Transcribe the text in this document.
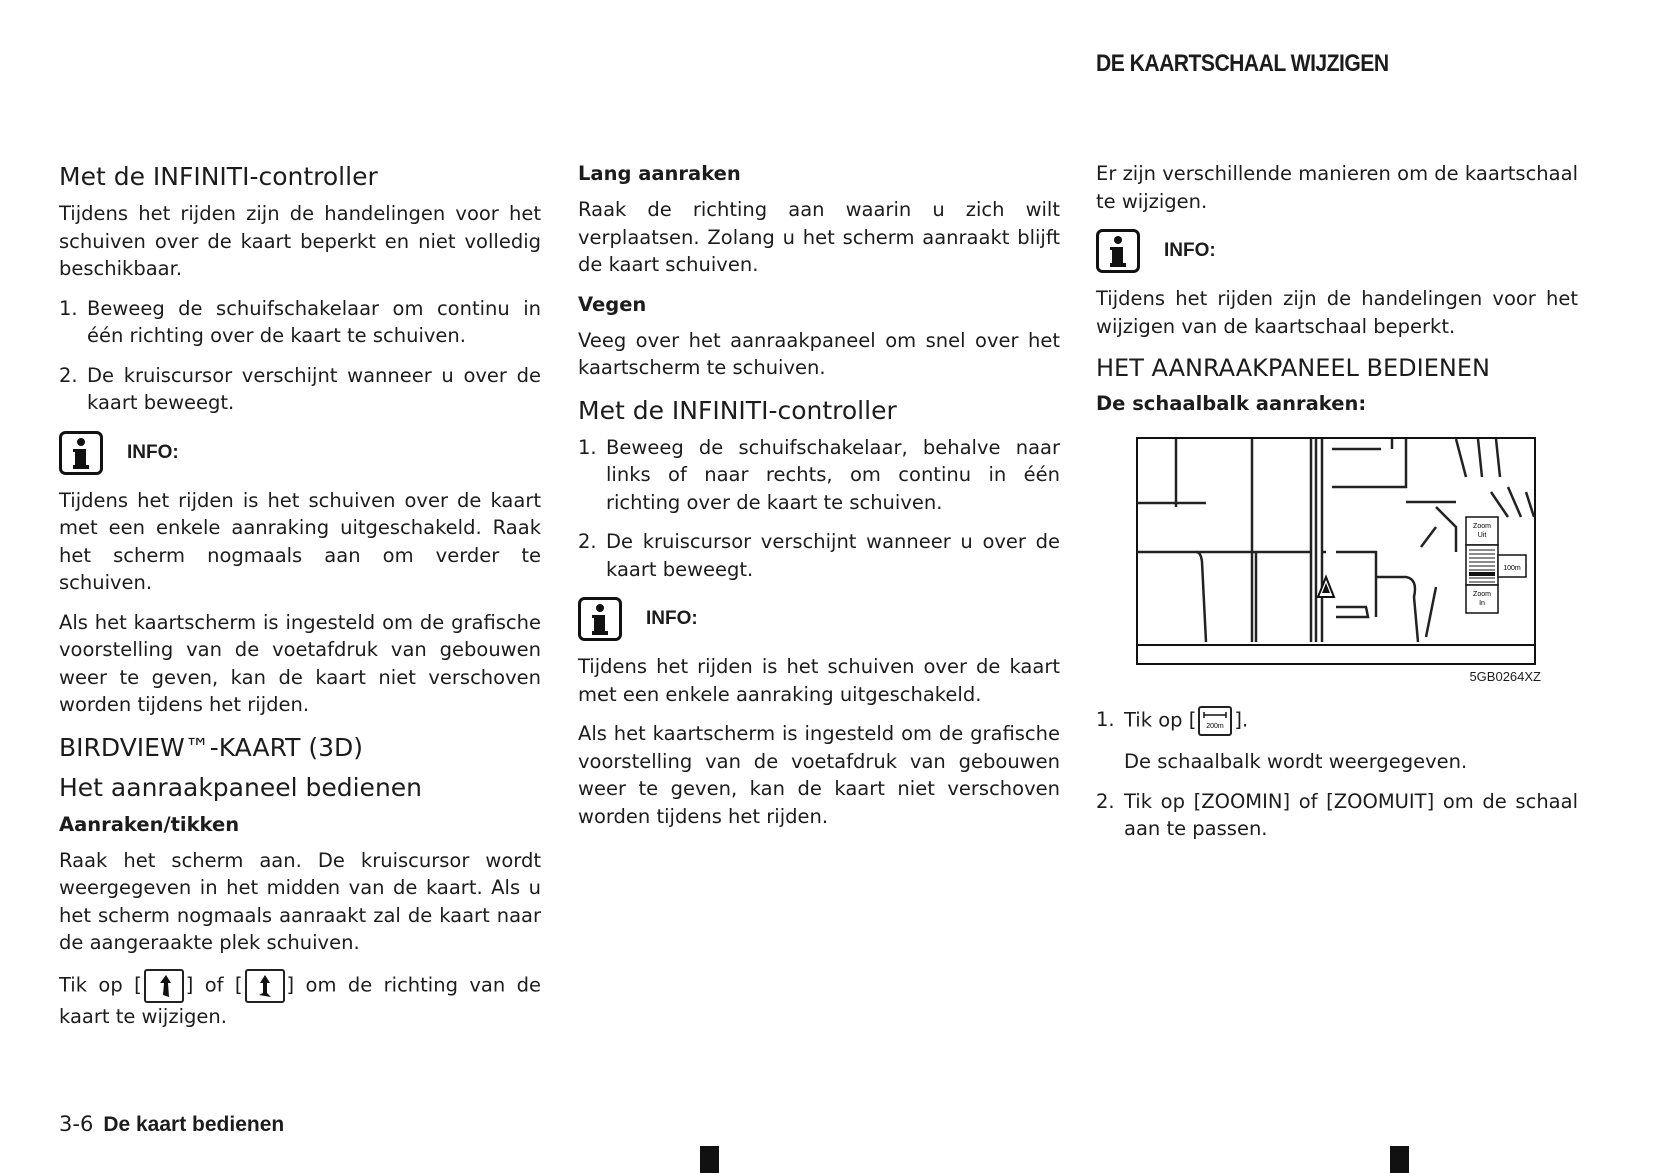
DE KAARTSCHAAL WIJZIGEN
Met de INFINITI-controller
Tijdens het rijden zijn de handelingen voor het schuiven over de kaart beperkt en niet volledig beschikbaar.
1. Beweeg de schuifschakelaar om continu in één richting over de kaart te schuiven.
2. De kruiscursor verschijnt wanneer u over de kaart beweegt.
INFO:
Tijdens het rijden is het schuiven over de kaart met een enkele aanraking uitgeschakeld. Raak het scherm nogmaals aan om verder te schuiven.
Als het kaartscherm is ingesteld om de grafische voorstelling van de voetafdruk van gebouwen weer te geven, kan de kaart niet verschoven worden tijdens het rijden.
BIRDVIEW™-KAART (3D)
Het aanraakpaneel bedienen
Aanraken/tikken
Raak het scherm aan. De kruiscursor wordt weergegeven in het midden van de kaart. Als u het scherm nogmaals aanraakt zal de kaart naar de aangeraakte plek schuiven.
Tik op [ ] of [ ] om de richting van de kaart te wijzigen.
Lang aanraken
Raak de richting aan waarin u zich wilt verplaatsen. Zolang u het scherm aanraakt blijft de kaart schuiven.
Vegen
Veeg over het aanraakpaneel om snel over het kaartscherm te schuiven.
Met de INFINITI-controller
1. Beweeg de schuifschakelaar, behalve naar links of naar rechts, om continu in één richting over de kaart te schuiven.
2. De kruiscursor verschijnt wanneer u over de kaart beweegt.
INFO:
Tijdens het rijden is het schuiven over de kaart met een enkele aanraking uitgeschakeld.
Als het kaartscherm is ingesteld om de grafische voorstelling van de voetafdruk van gebouwen weer te geven, kan de kaart niet verschoven worden tijdens het rijden.
Er zijn verschillende manieren om de kaartschaal te wijzigen.
INFO:
Tijdens het rijden zijn de handelingen voor het wijzigen van de kaartschaal beperkt.
HET AANRAAKPANEEL BEDIENEN
De schaalbalk aanraken:
Zoom
Uit
100m
Zoom
In
5GB0264XZ
1. Tik op [ 200m ].
De schaalbalk wordt weergegeven.
2. Tik op [ZOOMIN] of [ZOOMUIT] om de schaal aan te passen.
3-6 De kaart bedienen
